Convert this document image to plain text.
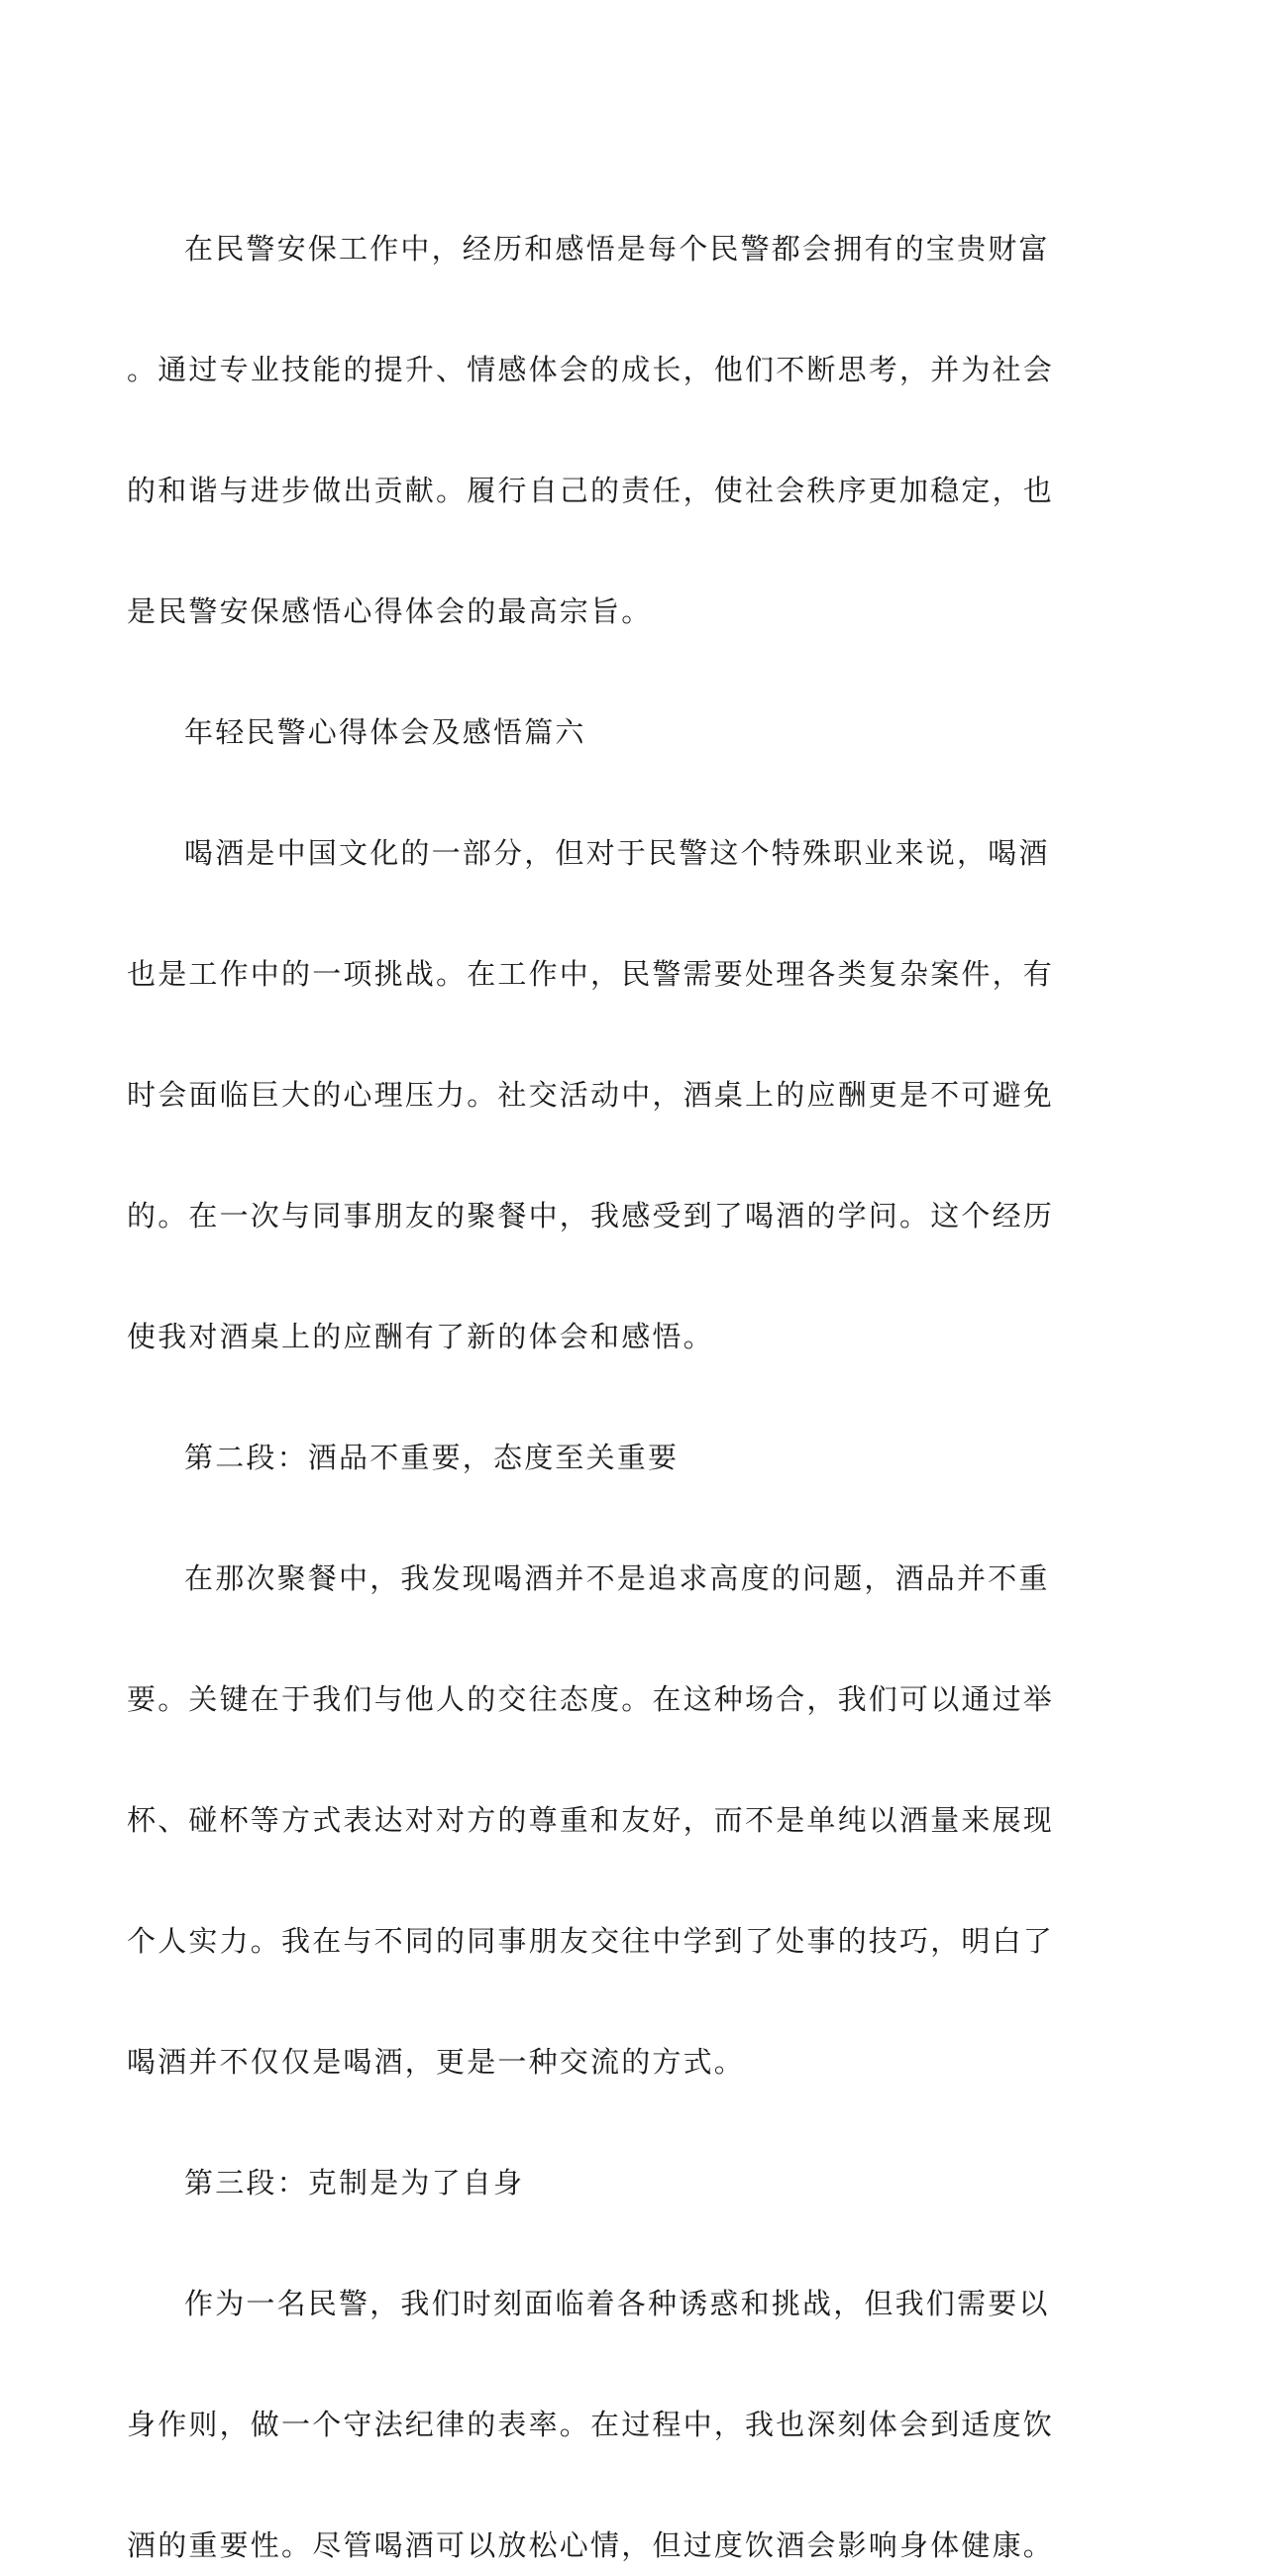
在民警安保工作中，经历和感悟是每个民警都会拥有的宝贵财富

。通过专业技能的提升、情感体会的成长，他们不断思考，并为社会

的和谐与进步做出贡献。履行自己的责任，使社会秩序更加稳定，也

是民警安保感悟心得体会的最高宗旨。

年轻民警心得体会及感悟篇六

喝酒是中国文化的一部分，但对于民警这个特殊职业来说，喝酒

也是工作中的一项挑战。在工作中，民警需要处理各类复杂案件，有

时会面临巨大的心理压力。社交活动中，酒桌上的应酬更是不可避免

的。在一次与同事朋友的聚餐中，我感受到了喝酒的学问。这个经历

使我对酒桌上的应酬有了新的体会和感悟。

第二段：酒品不重要，态度至关重要

在那次聚餐中，我发现喝酒并不是追求高度的问题，酒品并不重

要。关键在于我们与他人的交往态度。在这种场合，我们可以通过举

杯、碰杯等方式表达对对方的尊重和友好，而不是单纯以酒量来展现

个人实力。我在与不同的同事朋友交往中学到了处事的技巧，明白了

喝酒并不仅仅是喝酒，更是一种交流的方式。

第三段：克制是为了自身

作为一名民警，我们时刻面临着各种诱惑和挑战，但我们需要以

身作则，做一个守法纪律的表率。在过程中，我也深刻体会到适度饮

酒的重要性。尽管喝酒可以放松心情，但过度饮酒会影响身体健康。
